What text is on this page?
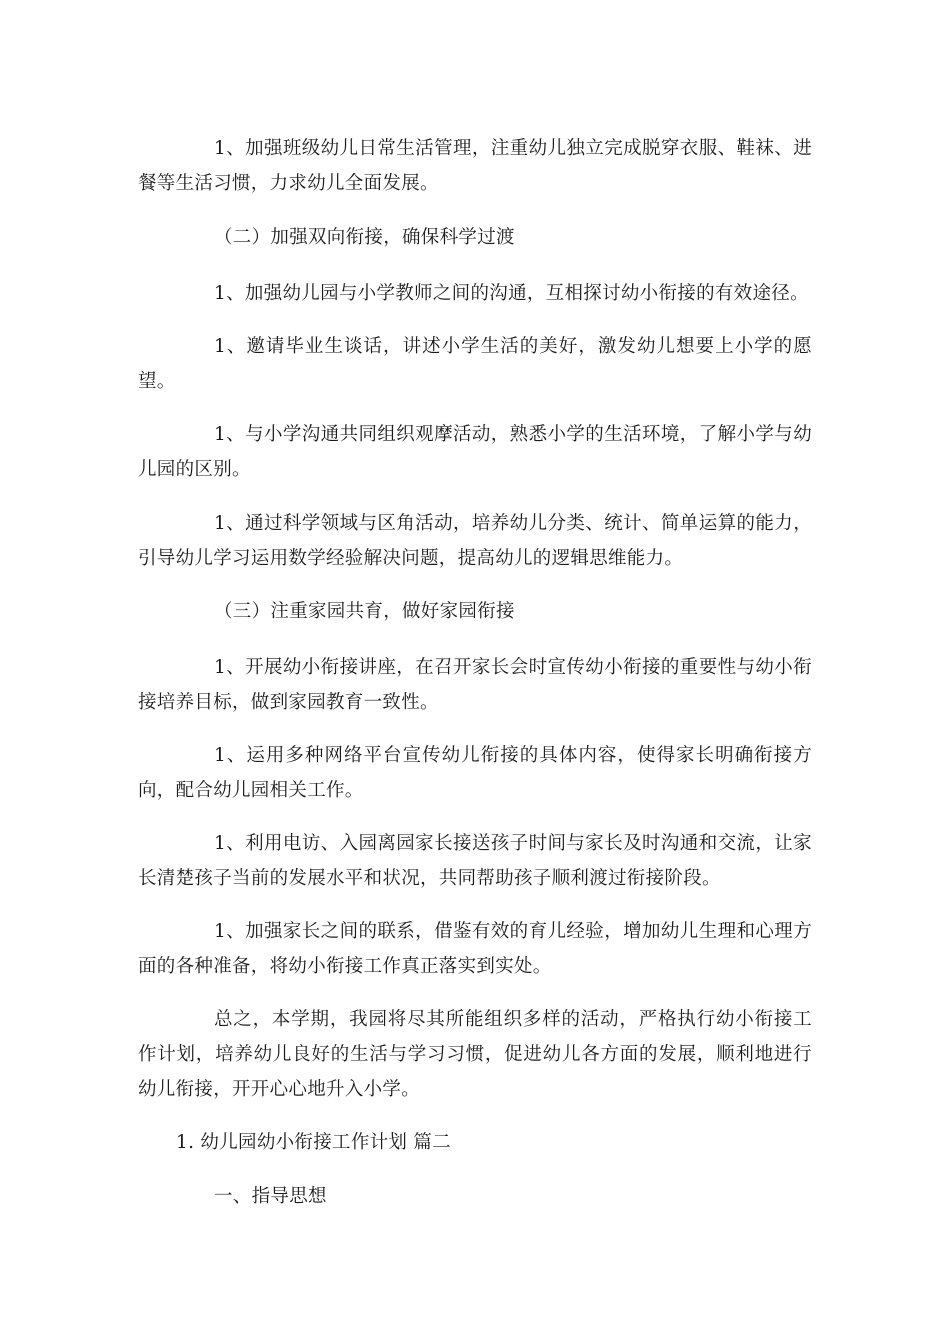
1、加强班级幼儿日常生活管理，注重幼儿独立完成脱穿衣服、鞋袜、进餐等生活习惯，力求幼儿全面发展。

（二）加强双向衔接，确保科学过渡

1、加强幼儿园与小学教师之间的沟通，互相探讨幼小衔接的有效途径。

1、邀请毕业生谈话，讲述小学生活的美好，激发幼儿想要上小学的愿望。

1、与小学沟通共同组织观摩活动，熟悉小学的生活环境，了解小学与幼儿园的区别。

1、通过科学领域与区角活动，培养幼儿分类、统计、简单运算的能力，引导幼儿学习运用数学经验解决问题，提高幼儿的逻辑思维能力。

（三）注重家园共育，做好家园衔接

1、开展幼小衔接讲座，在召开家长会时宣传幼小衔接的重要性与幼小衔接培养目标，做到家园教育一致性。

1、运用多种网络平台宣传幼儿衔接的具体内容，使得家长明确衔接方向，配合幼儿园相关工作。

1、利用电访、入园离园家长接送孩子时间与家长及时沟通和交流，让家长清楚孩子当前的发展水平和状况，共同帮助孩子顺利渡过衔接阶段。

1、加强家长之间的联系，借鉴有效的育儿经验，增加幼儿生理和心理方面的各种准备，将幼小衔接工作真正落实到实处。

总之，本学期，我园将尽其所能组织多样的活动，严格执行幼小衔接工作计划，培养幼儿良好的生活与学习习惯，促进幼儿各方面的发展，顺利地进行幼儿衔接，开开心心地升入小学。

1. 幼儿园幼小衔接工作计划 篇二

一、指导思想
